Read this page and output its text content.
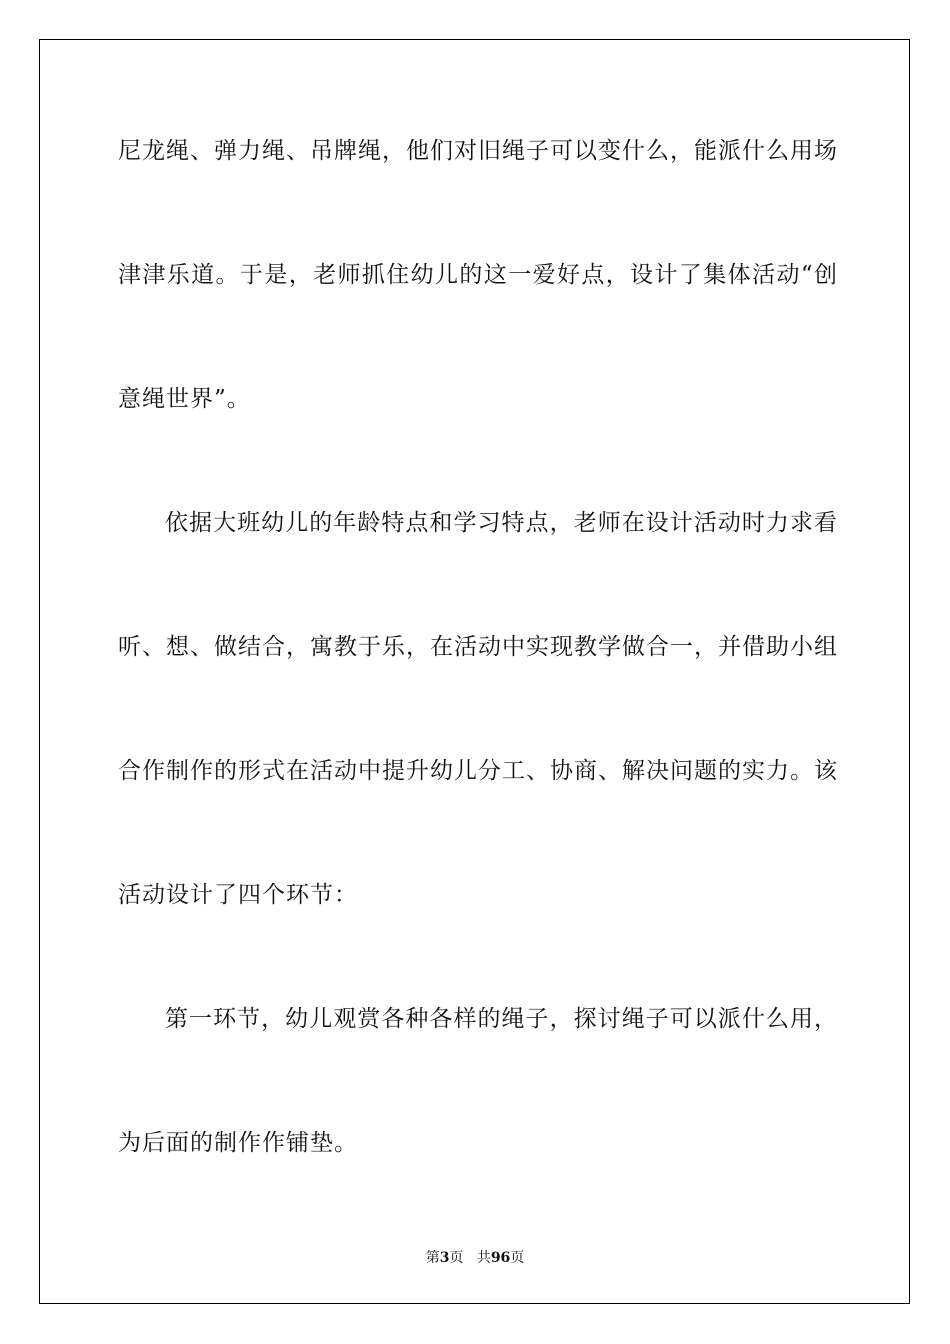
尼龙绳、弹力绳、吊牌绳，他们对旧绳子可以变什么，能派什么用场
津津乐道。于是，老师抓住幼儿的这一爱好点，设计了集体活动“创
意绳世界”。
依据大班幼儿的年龄特点和学习特点，老师在设计活动时力求看
听、想、做结合，寓教于乐，在活动中实现教学做合一，并借助小组
合作制作的形式在活动中提升幼儿分工、协商、解决问题的实力。该
活动设计了四个环节：
第一环节，幼儿观赏各种各样的绳子，探讨绳子可以派什么用，
为后面的制作作铺垫。
第3页 共96页
